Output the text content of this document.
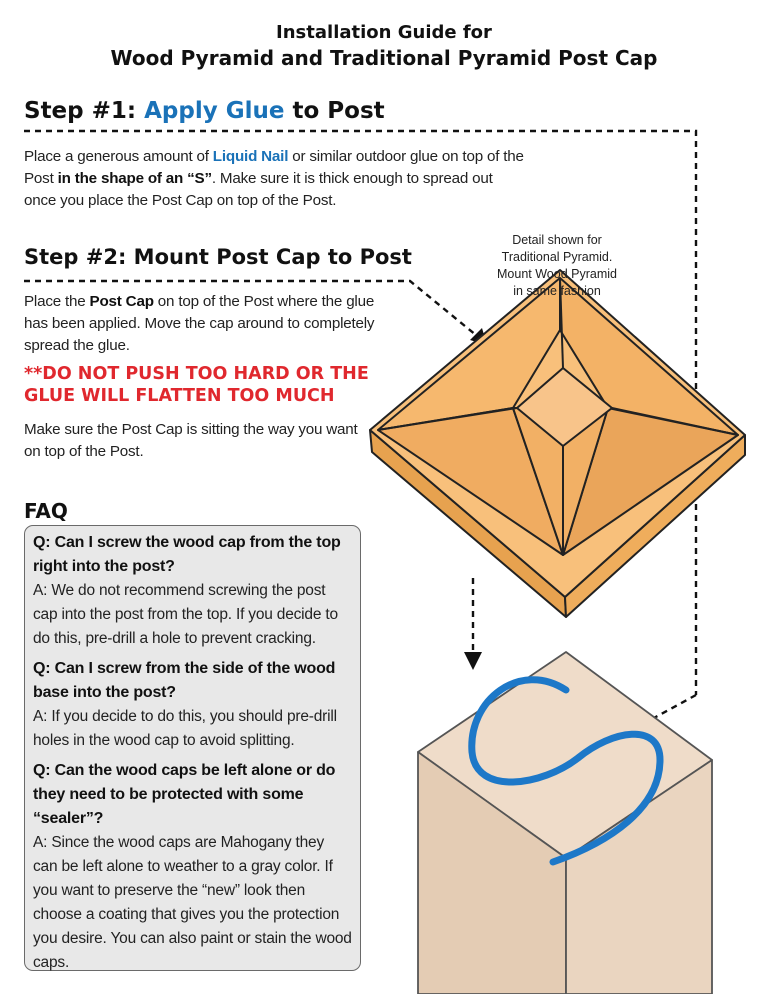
Installation Guide for
Wood Pyramid and Traditional Pyramid Post Cap
Step #1: Apply Glue to Post
Place a generous amount of Liquid Nail or similar outdoor glue on top of the Post in the shape of an “S”. Make sure it is thick enough to spread out once you place the Post Cap on top of the Post.
Step #2: Mount Post Cap to Post
Place the Post Cap on top of the Post where the glue has been applied. Move the cap around to completely spread the glue.
**DO NOT PUSH TOO HARD OR THE GLUE WILL FLATTEN TOO MUCH
Make sure the Post Cap is sitting the way you want on top of the Post.
Detail shown for
Traditional Pyramid.
Mount Wood Pyramid
in same fashion
FAQ

Q: Can I screw the wood cap from the top right into the post?

A: We do not recommend screwing the post cap into the post from the top. If you decide to do this, pre-drill a hole to prevent cracking.

Q: Can I screw from the side of the wood base into the post?

A: If you decide to do this, you should pre-drill holes in the wood cap to avoid splitting.

Q: Can the wood caps be left alone or do they need to be protected with some “sealer”?

A: Since the wood caps are Mahogany they can be left alone to weather to a gray color. If you want to preserve the “new” look then choose a coating that gives you the protection you desire. You can also paint or stain the wood caps.
